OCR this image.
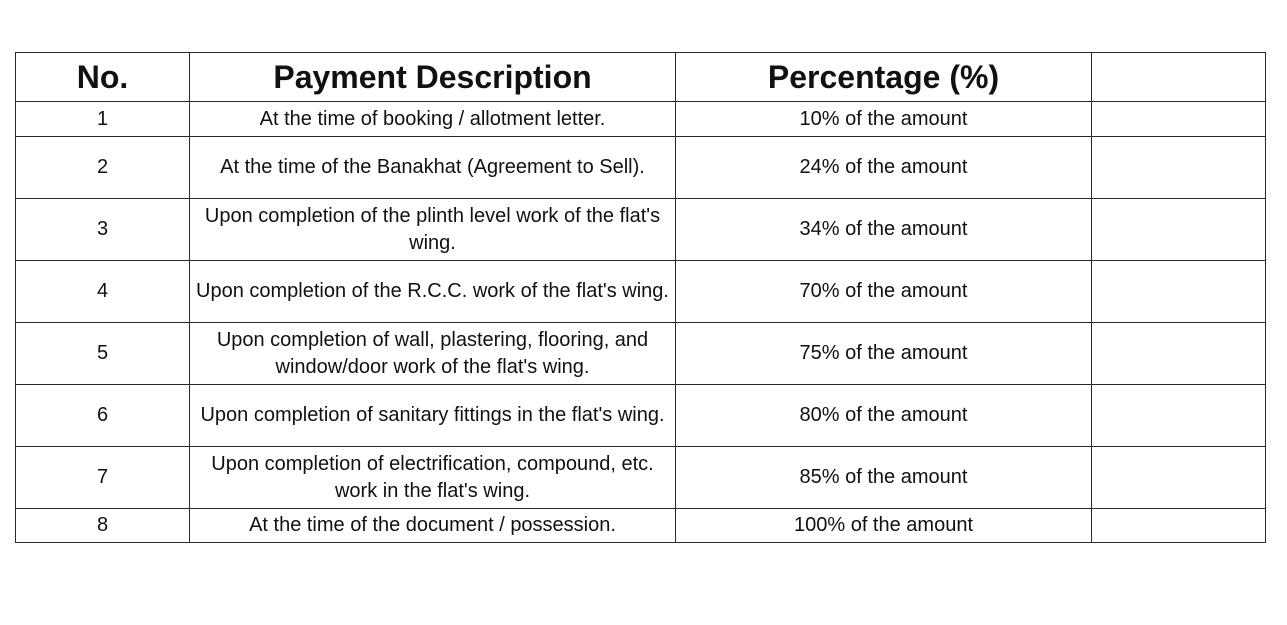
No.	Payment Description	Percentage (%)	
1	At the time of booking / allotment letter.	10% of the amount	
2	At the time of the Banakhat (Agreement to Sell).	24% of the amount	
3	Upon completion of the plinth level work of the flat's wing.	34% of the amount	
4	Upon completion of the R.C.C. work of the flat's wing.	70% of the amount	
5	Upon completion of wall, plastering, flooring, and window/door work of the flat's wing.	75% of the amount	
6	Upon completion of sanitary fittings in the flat's wing.	80% of the amount	
7	Upon completion of electrification, compound, etc. work in the flat's wing.	85% of the amount	
8	At the time of the document / possession.	100% of the amount	
